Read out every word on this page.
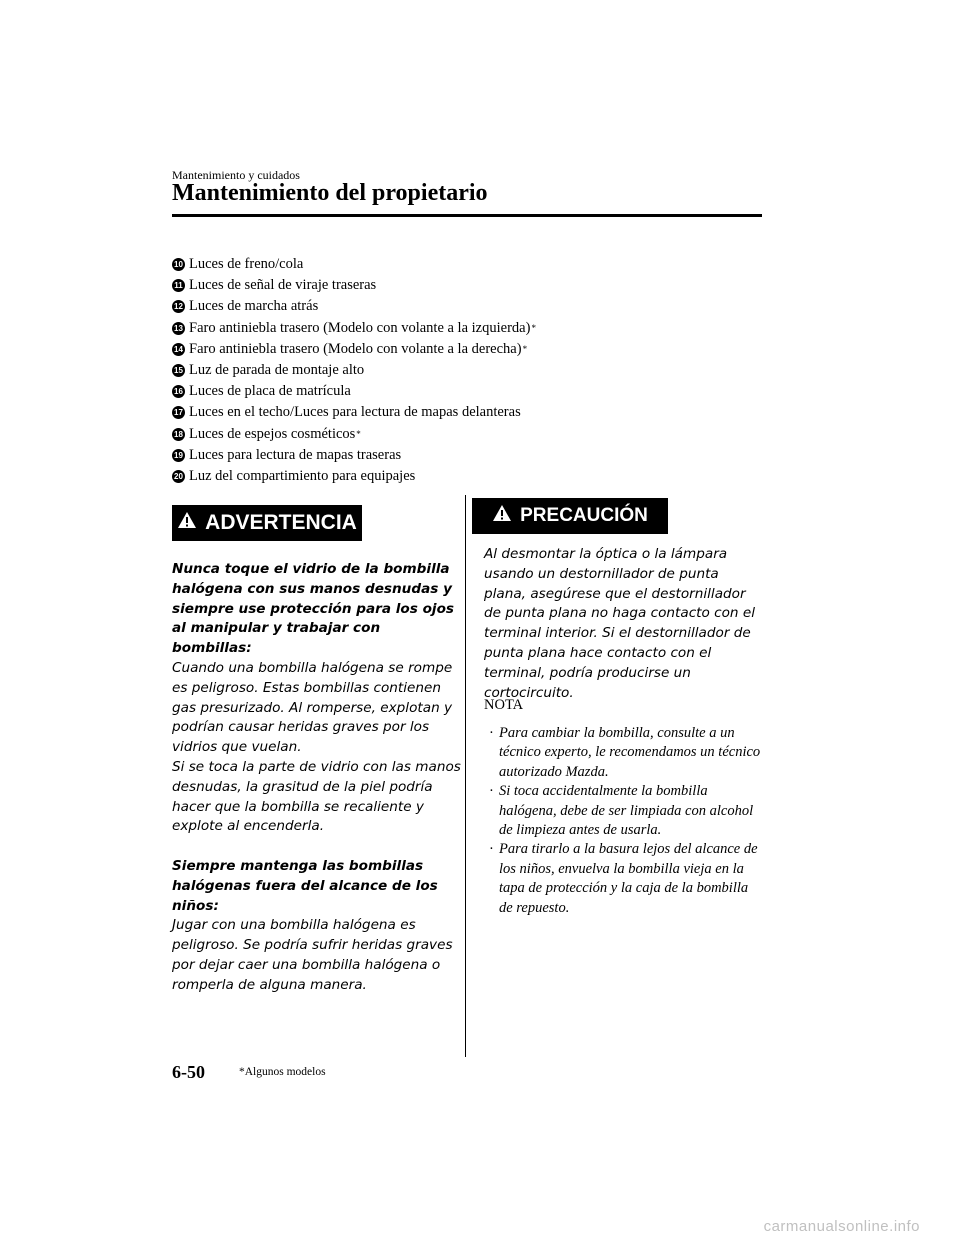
Mantenimiento y cuidados
Mantenimiento del propietario
10 Luces de freno/cola
11 Luces de señal de viraje traseras
12 Luces de marcha atrás
13 Faro antiniebla trasero (Modelo con volante a la izquierda) *
14 Faro antiniebla trasero (Modelo con volante a la derecha) *
15 Luz de parada de montaje alto
16 Luces de placa de matrícula
17 Luces en el techo/Luces para lectura de mapas delanteras
18 Luces de espejos cosméticos *
19 Luces para lectura de mapas traseras
20 Luz del compartimiento para equipajes
ADVERTENCIA

Nunca toque el vidrio de la bombilla halógena con sus manos desnudas y siempre use protección para los ojos al manipular y trabajar con bombillas:

Cuando una bombilla halógena se rompe es peligroso. Estas bombillas contienen gas presurizado. Al romperse, explotan y podrían causar heridas graves por los vidrios que vuelan.

Si se toca la parte de vidrio con las manos desnudas, la grasitud de la piel podría hacer que la bombilla se recaliente y explote al encenderla.

Siempre mantenga las bombillas halógenas fuera del alcance de los niños:

Jugar con una bombilla halógena es peligroso. Se podría sufrir heridas graves por dejar caer una bombilla halógena o romperla de alguna manera.

PRECAUCIÓN
Al desmontar la óptica o la lámpara usando un destornillador de punta plana, asegúrese que el destornillador de punta plana no haga contacto con el terminal interior. Si el destornillador de punta plana hace contacto con el terminal, podría producirse un cortocircuito.
NOTA
· Para cambiar la bombilla, consulte a un técnico experto, le recomendamos un técnico autorizado Mazda.
· Si toca accidentalmente la bombilla halógena, debe de ser limpiada con alcohol de limpieza antes de usarla.
· Para tirarlo a la basura lejos del alcance de los niños, envuelva la bombilla vieja en la tapa de protección y la caja de la bombilla de repuesto.
6-50	*Algunos modelos
carmanualsonline.info
